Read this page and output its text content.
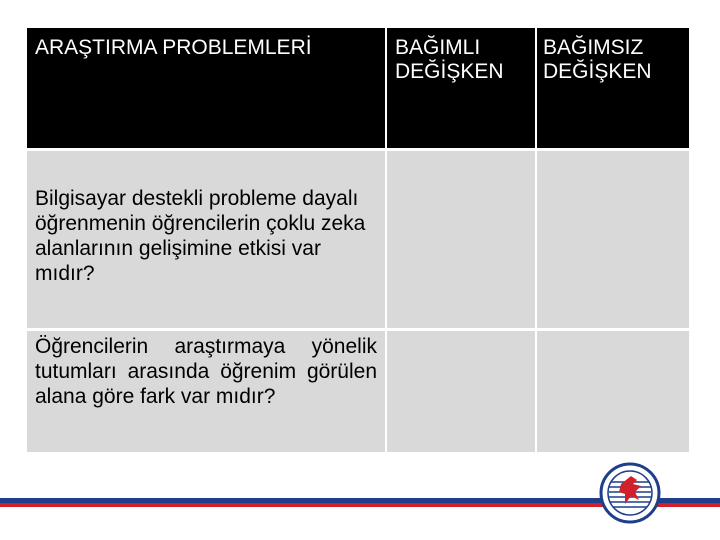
ARAŞTIRMA PROBLEMLERİ	BAĞIMLI DEĞİŞKEN
BAĞIMSIZ DEĞİŞKEN
Bilgisayar destekli probleme dayalı öğrenmenin öğrencilerin çoklu zeka alanlarının gelişimine etkisi var mıdır?
Öğrencilerin araştırmaya yönelik tutumları arasında öğrenim görülen alana göre fark var mıdır?
